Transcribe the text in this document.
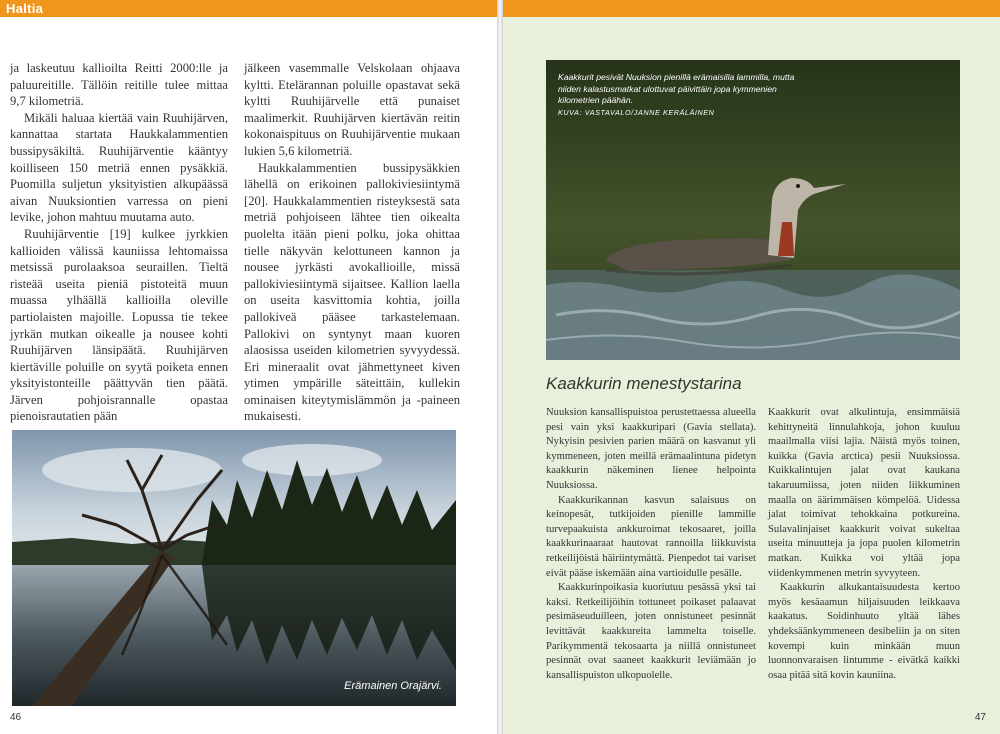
Haltia

ja laskeutuu kallioilta Reitti 2000:lle ja paluureitille. Tällöin reitille tulee mittaa 9,7 kilometriä.

Mikäli haluaa kiertää vain Ruuhijärven, kannattaa startata Haukkalammentien bussipysäkiltä. Ruuhijärventie kääntyy koilliseen 150 metriä ennen pysäkkiä. Puomilla suljetun yksityistien alkupäässä aivan Nuuksiontien varressa on pieni levike, johon mahtuu muutama auto.

Ruuhijärventie [19] kulkee jyrkkien kallioiden välissä kauniissa lehtomaissa metsissä purolaaksoa seuraillen. Tieltä risteää useita pieniä pistoteitä muun muassa ylhäällä kallioilla oleville partiolaisten majoille. Lopussa tie tekee jyrkän mutkan oikealle ja nousee kohti Ruuhijärven länsipäätä. Ruuhijärven kiertäville poluille on syytä poiketa ennen yksityistonteille päättyvän tien päätä. Järven pohjoisrannalle opastaa pienoisrautatien pään

jälkeen vasemmalle Velskolaan ohjaava kyltti. Etelärannan poluille opastavat sekä kyltti Ruuhijärvelle että punaiset maalimerkit. Ruuhijärven kiertävän reitin kokonaispituus on Ruuhijärventie mukaan lukien 5,6 kilometriä.

Haukkalammentien bussipysäkkien lähellä on erikoinen pallokiviesiintymä [20]. Haukkalammentien risteyksestä sata metriä pohjoiseen lähtee tien oikealta puolelta itään pieni polku, joka ohittaa tielle näkyvän kelottuneen kannon ja nousee jyrkästi avokallioille, missä pallokiviesiintymä sijaitsee. Kallion laella on useita kasvittomia kohtia, joilla pallokiveä pääsee tarkastelemaan. Pallokivi on syntynyt maan kuoren alaosissa useiden kilometrien syvyydessä. Eri mineraalit ovat jähmettyneet kiven ytimen ympärille säteittäin, kullekin ominaisen kiteytymislämmön ja -paineen mukaisesti.

Erämainen Orajärvi.
46
Kaakkurit pesivät Nuuksion pienillä erämaisilla lammilla, mutta niiden kalastusmatkat ulottuvat päivittäin jopa kymmenien kilometrien päähän.
KUVA: VASTAVALO/JANNE KERÄLÄINEN
Kaakkurin menestystarina

Nuuksion kansallispuistoa perustettaessa alueella pesi vain yksi kaakkuripari (Gavia stellata). Nykyisin pesivien parien määrä on kasvanut yli kymmeneen, joten meillä erämaalintuna pidetyn kaakkurin näkeminen lienee helpointa Nuuksiossa.

Kaakkurikannan kasvun salaisuus on keinopesät, tutkijoiden pienille lammille turvepaakuista ankkuroimat tekosaaret, joilla kaakkurinaaraat hautovat rannoilla liikkuvista retkeilijöistä häiriintymättä. Pienpedot tai variset eivät pääse iskemään aina vartioidulle pesälle.

Kaakkurinpoikasia kuoriutuu pesässä yksi tai kaksi. Retkeilijöihin tottuneet poikaset palaavat pesimäseuduilleen, joten onnistuneet pesinnät levittävät kaakkureita lammelta toiselle. Parikymmentä tekosaarta ja niillä onnistuneet pesinnät ovat saaneet kaakkurit leviämään jo kansallispuiston ulkopuolelle.

Kaakkurit ovat alkulintuja, ensimmäisiä kehittyneitä linnulahkoja, johon kuuluu maailmalla viisi lajia. Näistä myös toinen, kuikka (Gavia arctica) pesii Nuuksiossa. Kuikkalintujen jalat ovat kaukana takaruumiissa, joten niiden liikkuminen maalla on äärimmäisen kömpelöä. Uidessa jalat toimivat tehokkaina potkureina. Sulavalinjaiset kaakkurit voivat sukeltaa useita minuutteja ja jopa puolen kilometrin matkan. Kuikka voi yltää jopa viidenkymmenen metrin syvyyteen.

Kaakkurin alkukantaisuudesta kertoo myös kesäaamun hiljaisuuden leikkaava kaakatus. Soidinhuuto yltää lähes yhdeksäänkymmeneen desibeliin ja on siten kovempi kuin minkään muun luonnonvaraisen lintumme - eivätkä kaikki osaa pitää sitä kovin kauniina.

47
